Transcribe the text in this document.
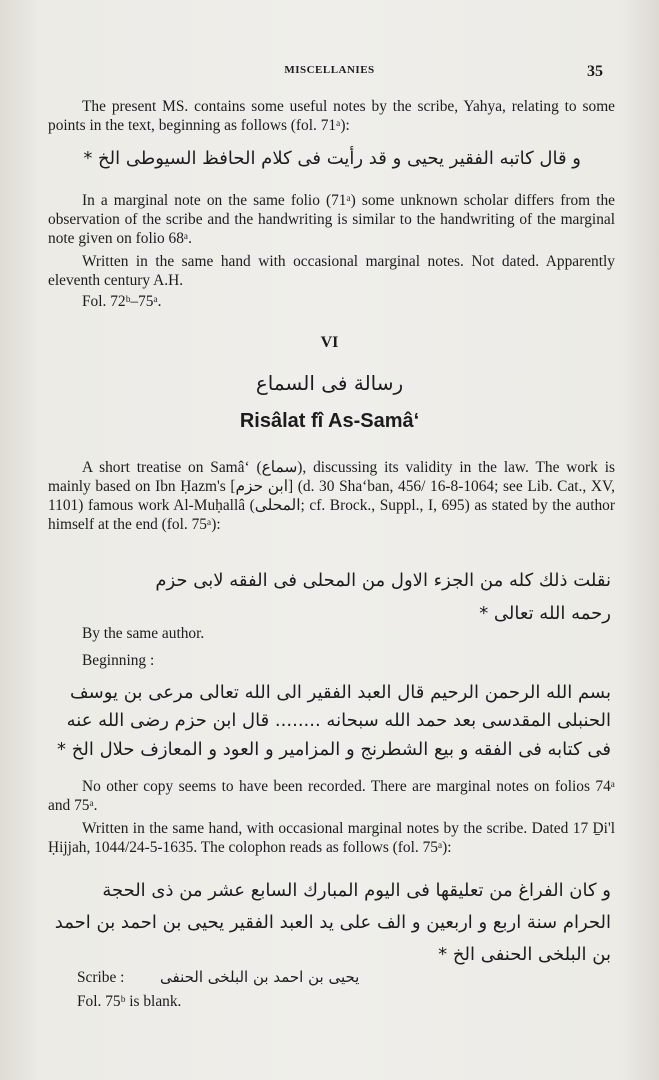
MISCELLANIES	35
The present MS. contains some useful notes by the scribe, Yahya, relating to some points in the text, beginning as follows (fol. 71ᵃ):
و قال كاتبه الفقير يحيى و قد رأيت فى كلام الحافظ السيوطى الخ *
In a marginal note on the same folio (71ᵃ) some unknown scholar differs from the observation of the scribe and the handwriting is similar to the handwriting of the marginal note given on folio 68ᵃ.
Written in the same hand with occasional marginal notes. Not dated. Apparently eleventh century A.H.
Fol. 72ᵇ–75ᵃ.
VI
رسالة فى السماع
Risâlat fî As-Samâ‘
A short treatise on Samâ‘ (سماع), discussing its validity in the law. The work is mainly based on Ibn Ḥazm's [ابن حزم] (d. 30 Sha‘ban, 456/ 16-8-1064; see Lib. Cat., XV, 1101) famous work Al-Muḥallâ (المحلى; cf. Brock., Suppl., I, 695) as stated by the author himself at the end (fol. 75ᵃ):
نقلت ذلك كله من الجزء الاول من المحلى فى الفقه لابى حزم
رحمه الله تعالى *
By the same author.
Beginning :
بسم الله الرحمن الرحيم قال العبد الفقير الى الله تعالى مرعى بن يوسف
الحنبلى المقدسى بعد حمد الله سبحانه ........ قال ابن حزم رضى الله عنه
فى كتابه فى الفقه و بيع الشطرنج و المزامير و العود و المعازف حلال الخ *
No other copy seems to have been recorded. There are marginal notes on folios 74ᵃ and 75ᵃ.
Written in the same hand, with occasional marginal notes by the scribe. Dated 17 Ḏi'l Ḥijjah, 1044/24-5-1635. The colophon reads as follows (fol. 75ᵃ):
و كان الفراغ من تعليقها فى اليوم المبارك السابع عشر من ذى الحجة
الحرام سنة اربع و اربعين و الف على يد العبد الفقير يحيى بن احمد بن احمد
بن البلخى الحنفى الخ *
Scribe :	يحيى بن احمد بن البلخى الحنفى
Fol. 75ᵇ is blank.
